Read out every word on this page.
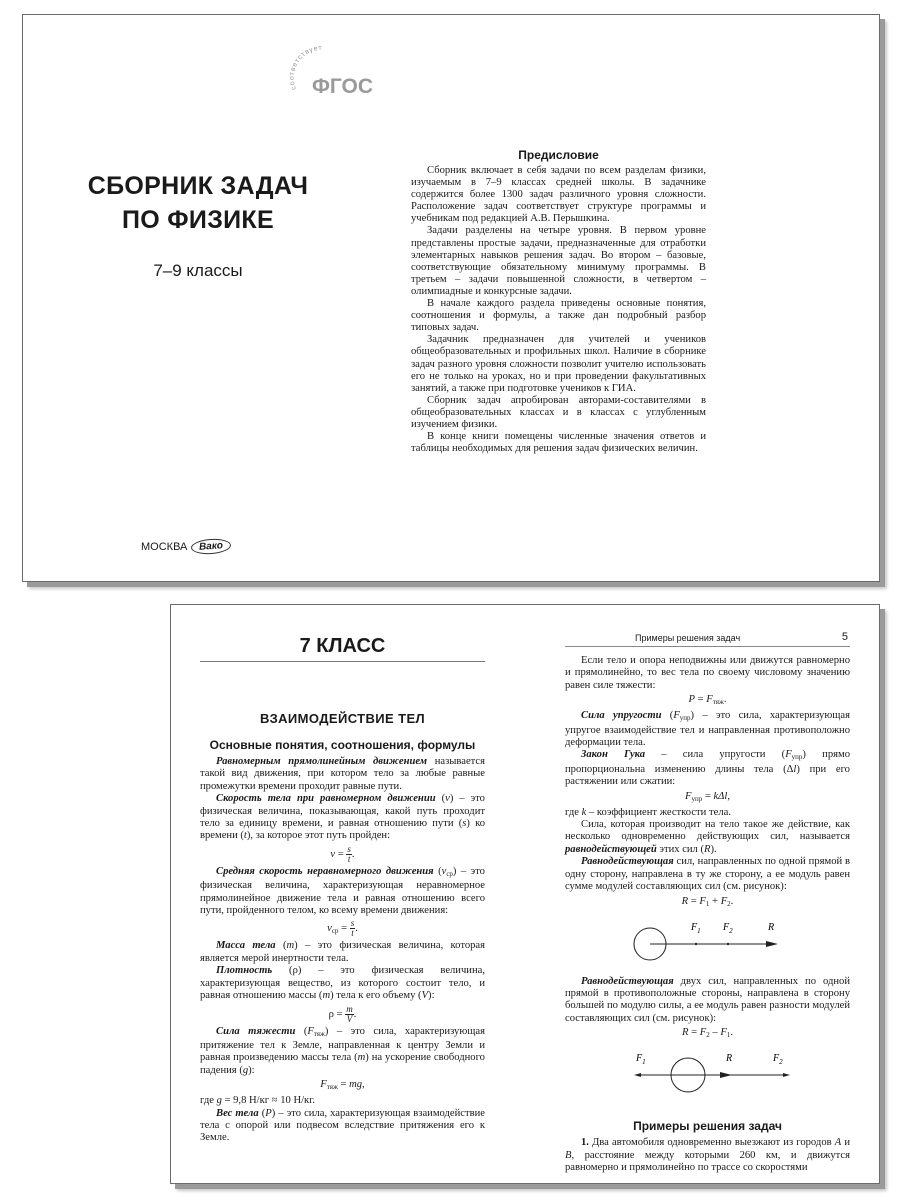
соответствует
ФГОС
СБОРНИК ЗАДАЧ
ПО ФИЗИКЕ
7–9 классы
МОСКВА	Вако
Предисловие

Сборник включает в себя задачи по всем разделам физики, изучаемым в 7–9 классах средней школы. В задачнике содержится более 1300 задач различного уровня сложности. Расположение задач соответствует структуре программы и учебникам под редакцией А.В. Перышкина.

Задачи разделены на четыре уровня. В первом уровне представлены простые задачи, предназначенные для отработки элементарных навыков решения задач. Во втором – базовые, соответствующие обязательному минимуму программы. В третьем – задачи повышенной сложности, в четвертом – олимпиадные и конкурсные задачи.

В начале каждого раздела приведены основные понятия, соотношения и формулы, а также дан подробный разбор типовых задач.

Задачник предназначен для учителей и учеников общеобразовательных и профильных школ. Наличие в сборнике задач разного уровня сложности позволит учителю использовать его не только на уроках, но и при проведении факультативных занятий, а также при подготовке учеников к ГИА.

Сборник задач апробирован авторами-составителями в общеобразовательных классах и в классах с углубленным изучением физики.

В конце книги помещены численные значения ответов и таблицы необходимых для решения задач физических величин.

7 КЛАСС
ВЗАИМОДЕЙСТВИЕ ТЕЛ
Основные понятия, соотношения, формулы

Равномерным прямолинейным движением называется такой вид движения, при котором тело за любые равные промежутки времени проходит равные пути.

Скорость тела при равномерном движении (v) – это физическая величина, показывающая, какой путь проходит тело за единицу времени, и равная отношению пути (s) ко времени (t), за которое этот путь пройден:

$v = \frac{s}{t}$ .

Средняя скорость неравномерного движения $(v_{ср})$ – это физическая величина, характеризующая неравномерное прямолинейное движение тела и равная отношению всего пути, пройденного телом, ко всему времени движения:

$v_{ср} = \frac{s}{t}$ .

Масса тела (m) – это физическая величина, которая является мерой инертности тела.

Плотность (ρ) – это физическая величина, характеризующая вещество, из которого состоит тело, и равная отношению массы (m) тела к его объему (V):

$\rho = \frac{m}{V}$ .

Сила тяжести $(F_{тяж})$ – это сила, характеризующая притяжение тел к Земле, направленная к центру Земли и равная произведению массы тела (m) на ускорение свободного падения (g):

$F_{тяж}$ = mg,

где g = 9,8 Н/кг ≈ 10 Н/кг.

Вес тела (P) – это сила, характеризующая взаимодействие тела с опорой или подвесом вследствие притяжения его к Земле.

Примеры решения задач	5

Если тело и опора неподвижны или движутся равномерно и прямолинейно, то вес тела по своему числовому значению равен силе тяжести:

$P = F_{тяж}$.

Сила упругости $(F_{упр})$ – это сила, характеризующая упругое взаимодействие тел и направленная противоположно деформации тела.

Закон Гука – сила упругости $(F_{упр})$ прямо пропорциональна изменению длины тела (Δl) при его растяжении или сжатии:

$F_{упр} = k\Delta l$,

где k – коэффициент жесткости тела.

Сила, которая производит на тело такое же действие, как несколько одновременно действующих сил, называется равнодействующей этих сил (R).

Равнодействующая сил, направленных по одной прямой в одну сторону, направлена в ту же сторону, а ее модуль равен сумме модулей составляющих сил (см. рисунок):

$R = F_1 + F_2$.
$F_1$ $F_2$	R

Равнодействующая двух сил, направленных по одной прямой в противоположные стороны, направлена в сторону большей по модулю силы, а ее модуль равен разности модулей составляющих сил (см. рисунок):

$R = F_2 - F_1$.
$F_1$	R	$F_2$
Примеры решения задач

1. Два автомобиля одновременно выезжают из городов A и B, расстояние между которыми 260 км, и движутся равномерно и прямолинейно по трассе со скоростями
